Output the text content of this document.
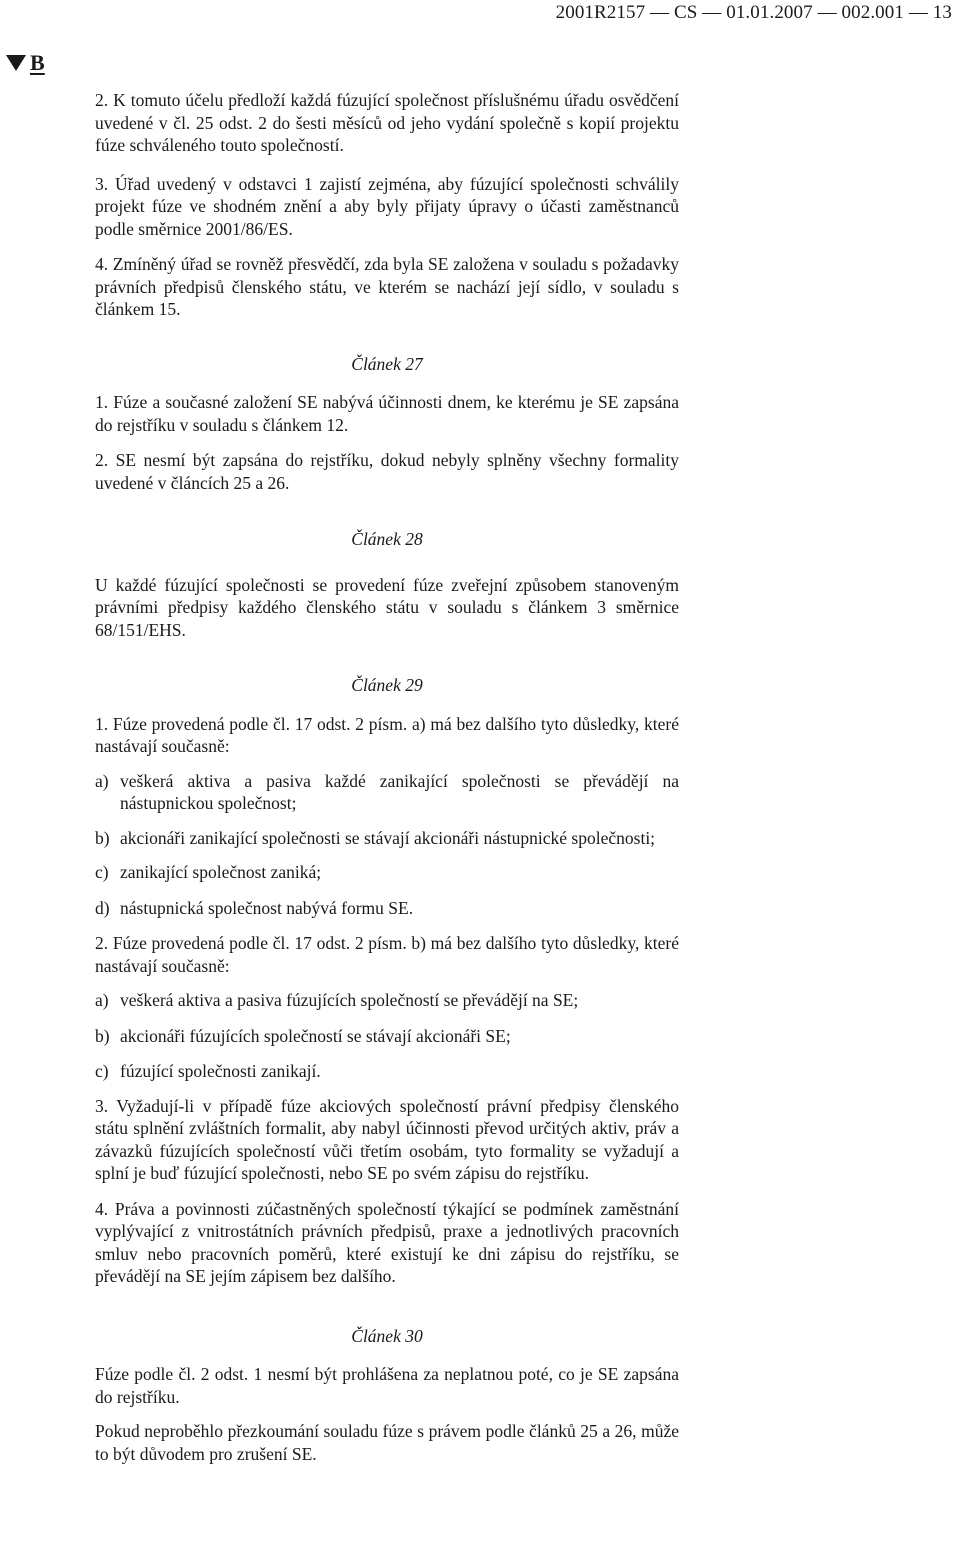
2001R2157 — CS — 01.01.2007 — 002.001 — 13
B

2. K tomuto účelu předloží každá fúzující společnost příslušnému úřadu osvědčení uvedené v čl. 25 odst. 2 do šesti měsíců od jeho vydání společně s kopií projektu fúze schváleného touto společností.

3. Úřad uvedený v odstavci 1 zajistí zejména, aby fúzující společnosti schválily projekt fúze ve shodném znění a aby byly přijaty úpravy o účasti zaměstnanců podle směrnice 2001/86/ES.

4. Zmíněný úřad se rovněž přesvědčí, zda byla SE založena v souladu s požadavky právních předpisů členského státu, ve kterém se nachází její sídlo, v souladu s článkem 15.

Článek 27

1. Fúze a současné založení SE nabývá účinnosti dnem, ke kterému je SE zapsána do rejstříku v souladu s článkem 12.

2. SE nesmí být zapsána do rejstříku, dokud nebyly splněny všechny formality uvedené v článcích 25 a 26.

Článek 28

U každé fúzující společnosti se provedení fúze zveřejní způsobem stanoveným právními předpisy každého členského státu v souladu s článkem 3 směrnice 68/151/EHS.

Článek 29

1. Fúze provedená podle čl. 17 odst. 2 písm. a) má bez dalšího tyto důsledky, které nastávají současně:

a) veškerá aktiva a pasiva každé zanikající společnosti se převádějí na nástupnickou společnost;
b) akcionáři zanikající společnosti se stávají akcionáři nástupnické společnosti;
c) zanikající společnost zaniká;
d) nástupnická společnost nabývá formu SE.

2. Fúze provedená podle čl. 17 odst. 2 písm. b) má bez dalšího tyto důsledky, které nastávají současně:

a) veškerá aktiva a pasiva fúzujících společností se převádějí na SE;
b) akcionáři fúzujících společností se stávají akcionáři SE;
c) fúzující společnosti zanikají.

3. Vyžadují-li v případě fúze akciových společností právní předpisy členského státu splnění zvláštních formalit, aby nabyl účinnosti převod určitých aktiv, práv a závazků fúzujících společností vůči třetím osobám, tyto formality se vyžadují a splní je buď fúzující společnosti, nebo SE po svém zápisu do rejstříku.

4. Práva a povinnosti zúčastněných společností týkající se podmínek zaměstnání vyplývající z vnitrostátních právních předpisů, praxe a jednotlivých pracovních smluv nebo pracovních poměrů, které existují ke dni zápisu do rejstříku, se převádějí na SE jejím zápisem bez dalšího.

Článek 30

Fúze podle čl. 2 odst. 1 nesmí být prohlášena za neplatnou poté, co je SE zapsána do rejstříku.

Pokud neproběhlo přezkoumání souladu fúze s právem podle článků 25 a 26, může to být důvodem pro zrušení SE.
